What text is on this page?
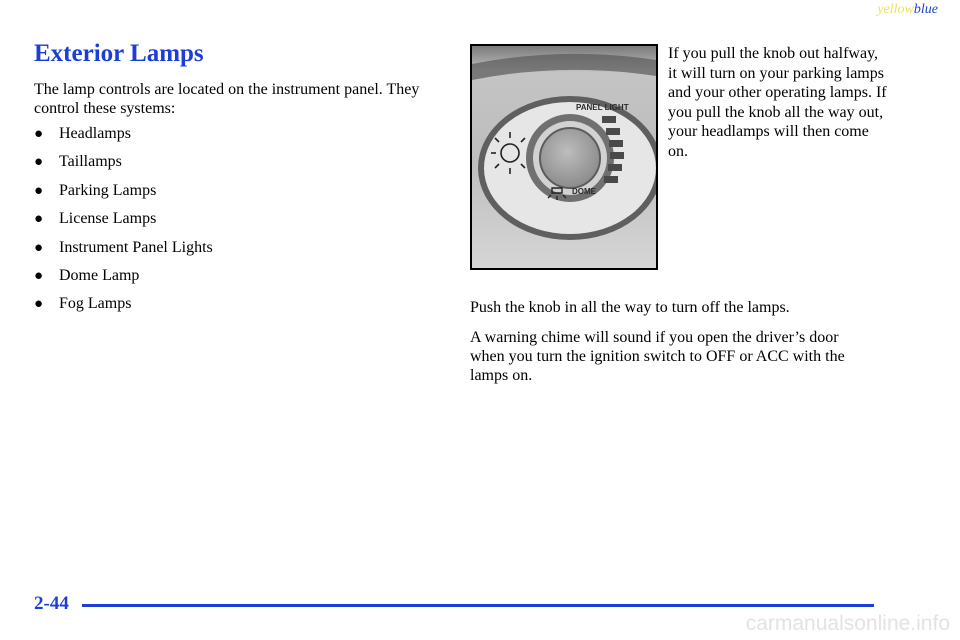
yellowblue
Exterior Lamps

The lamp controls are located on the instrument panel. They control these systems:

● Headlamps
● Taillamps
● Parking Lamps
● License Lamps
● Instrument Panel Lights
● Dome Lamp
● Fog Lamps
PANEL LIGHT
DOME

If you pull the knob out halfway, it will turn on your parking lamps and your other operating lamps. If you pull the knob all the way out, your headlamps will then come on.

Push the knob in all the way to turn off the lamps.

A warning chime will sound if you open the driver’s door when you turn the ignition switch to OFF or ACC with the lamps on.

2-44

carmanualsonline.info
